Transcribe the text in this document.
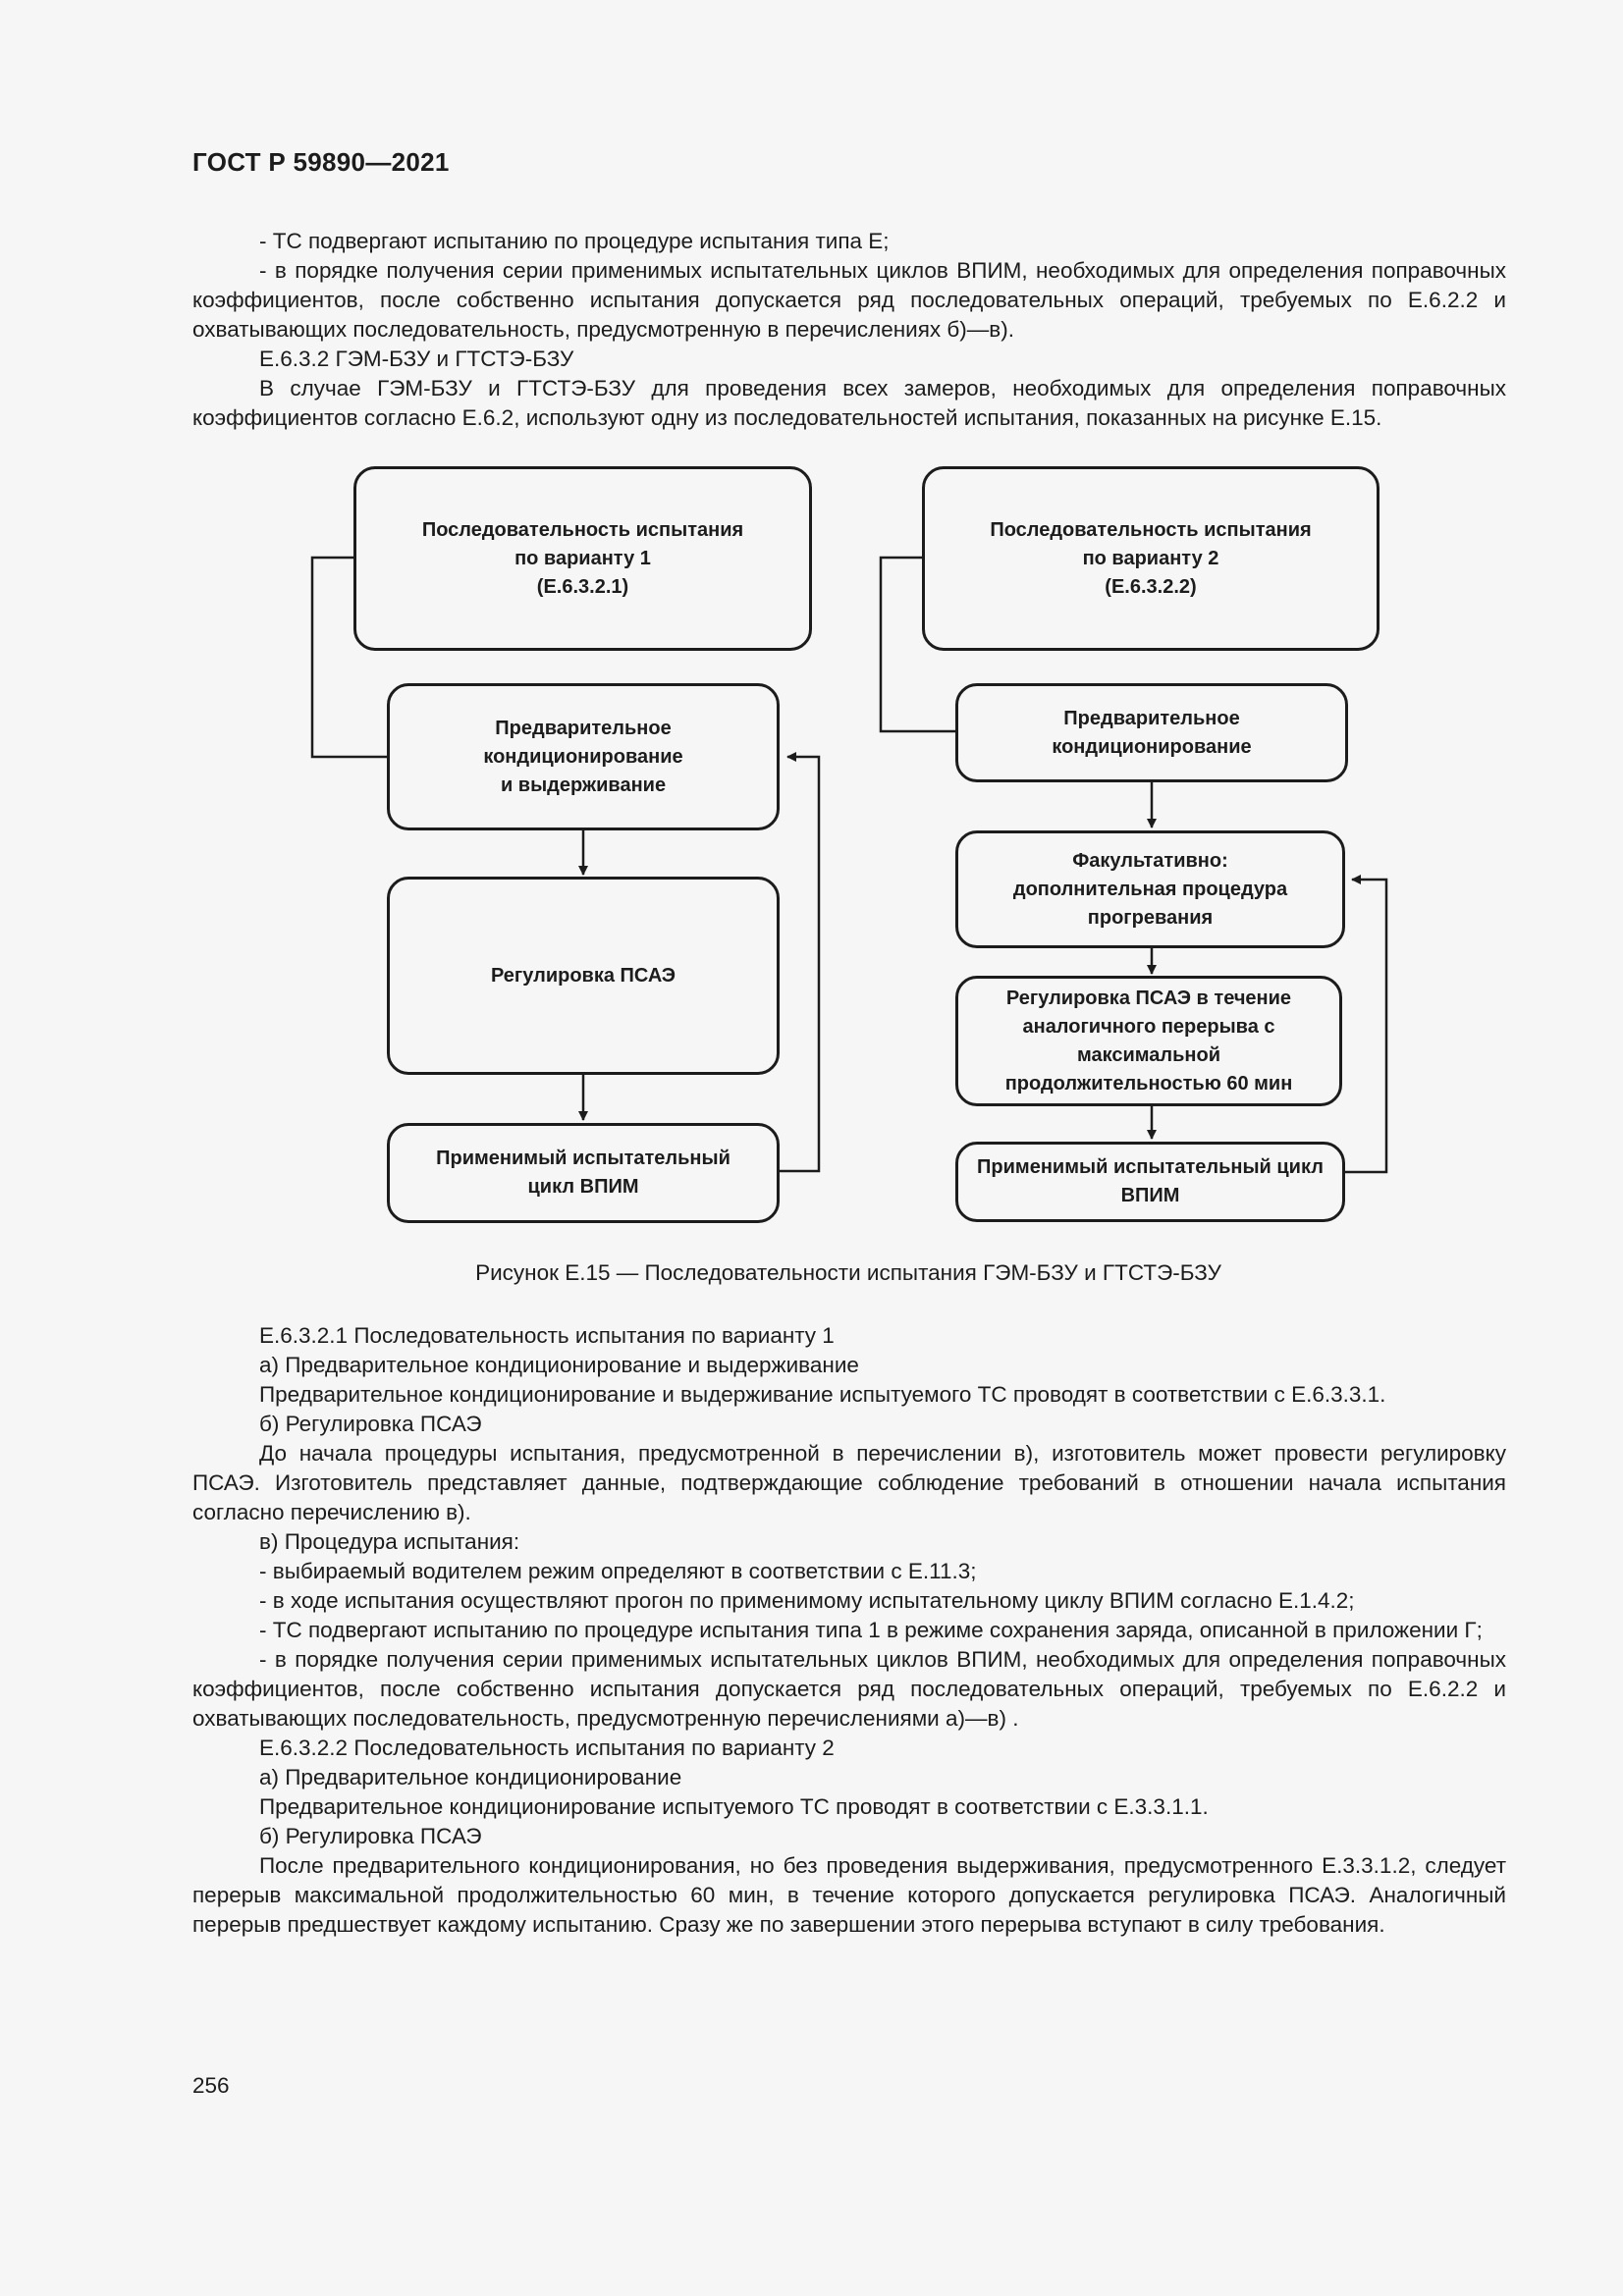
ГОСТ Р 59890—2021

- ТС подвергают испытанию по процедуре испытания типа Е;

- в порядке получения серии применимых испытательных циклов ВПИМ, необходимых для определения поправочных коэффициентов, после собственно испытания допускается ряд последовательных операций, требуемых по Е.6.2.2 и охватывающих последовательность, предусмотренную в перечислениях б)—в).

Е.6.3.2 ГЭМ-БЗУ и ГТСТЭ-БЗУ

В случае ГЭМ-БЗУ и ГТСТЭ-БЗУ для проведения всех замеров, необходимых для определения поправочных коэффициентов согласно Е.6.2, используют одну из последовательностей испытания, показанных на рисунке Е.15.

Последовательность испытания
по варианту 1
(Е.6.3.2.1)
Предварительное
кондиционирование
и выдерживание
Регулировка ПСАЭ
Применимый испытательный
цикл ВПИМ
Последовательность испытания
по варианту 2
(Е.6.3.2.2)
Предварительное
кондиционирование
Факультативно:
дополнительная процедура
прогревания
Регулировка ПСАЭ в течение
аналогичного перерыва с
максимальной
продолжительностью 60 мин
Применимый испытательный цикл
ВПИМ
Рисунок Е.15 — Последовательности испытания ГЭМ-БЗУ и ГТСТЭ-БЗУ

Е.6.3.2.1 Последовательность испытания по варианту 1

а) Предварительное кондиционирование и выдерживание

Предварительное кондиционирование и выдерживание испытуемого ТС проводят в соответствии с Е.6.3.3.1.

б) Регулировка ПСАЭ

До начала процедуры испытания, предусмотренной в перечислении в), изготовитель может провести регулировку ПСАЭ. Изготовитель представляет данные, подтверждающие соблюдение требований в отношении начала испытания согласно перечислению в).

в) Процедура испытания:

- выбираемый водителем режим определяют в соответствии с Е.11.3;

- в ходе испытания осуществляют прогон по применимому испытательному циклу ВПИМ согласно Е.1.4.2;

- ТС подвергают испытанию по процедуре испытания типа 1 в режиме сохранения заряда, описанной в приложении Г;

- в порядке получения серии применимых испытательных циклов ВПИМ, необходимых для определения поправочных коэффициентов, после собственно испытания допускается ряд последовательных операций, требуемых по Е.6.2.2 и охватывающих последовательность, предусмотренную перечислениями а)—в) .

Е.6.3.2.2 Последовательность испытания по варианту 2

а) Предварительное кондиционирование

Предварительное кондиционирование испытуемого ТС проводят в соответствии с Е.3.3.1.1.

б) Регулировка ПСАЭ

После предварительного кондиционирования, но без проведения выдерживания, предусмотренного Е.3.3.1.2, следует перерыв максимальной продолжительностью 60 мин, в течение которого допускается регулировка ПСАЭ. Аналогичный перерыв предшествует каждому испытанию. Сразу же по завершении этого перерыва вступают в силу требования.

256
